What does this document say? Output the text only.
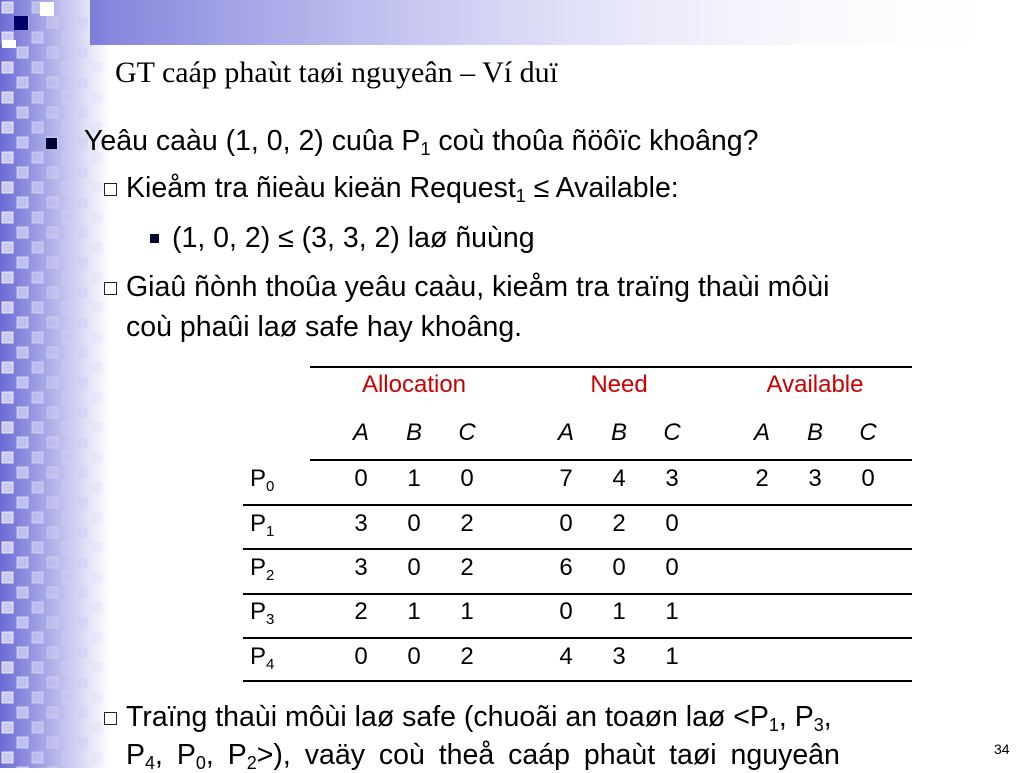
GT caáp phaùt taøi nguyeân – Ví duï
Yeâu caàu (1, 0, 2) cuûa $P_1$ coù thoûa ñöôïc khoâng?
Kieåm tra ñieàu kieän Request$_1$ ≤ Available:
(1, 0, 2) ≤ (3, 3, 2) laø ñuùng
Giaû ñònh thoûa yeâu caàu, kieåm tra traïng thaùi môùi
coù phaûi laø safe hay khoâng.
Allocation	Need	Available
A B C	A B C	A B C
$P_0$	0	1	0	7	4	3	2	3	0
$P_1$	3	0	2	0	2	0
$P_2$	3	0	2	6	0	0
$P_3$	2	1	1	0	1	1
$P_4$	0	0	2	4	3	1
Traïng thaùi môùi laø safe (chuoãi an toaøn laø $<P_1$, $P_3$,
$P_4$, $P_0$, $P_2>$), vaäy coù theå caáp phaùt taøi nguyeân	34
